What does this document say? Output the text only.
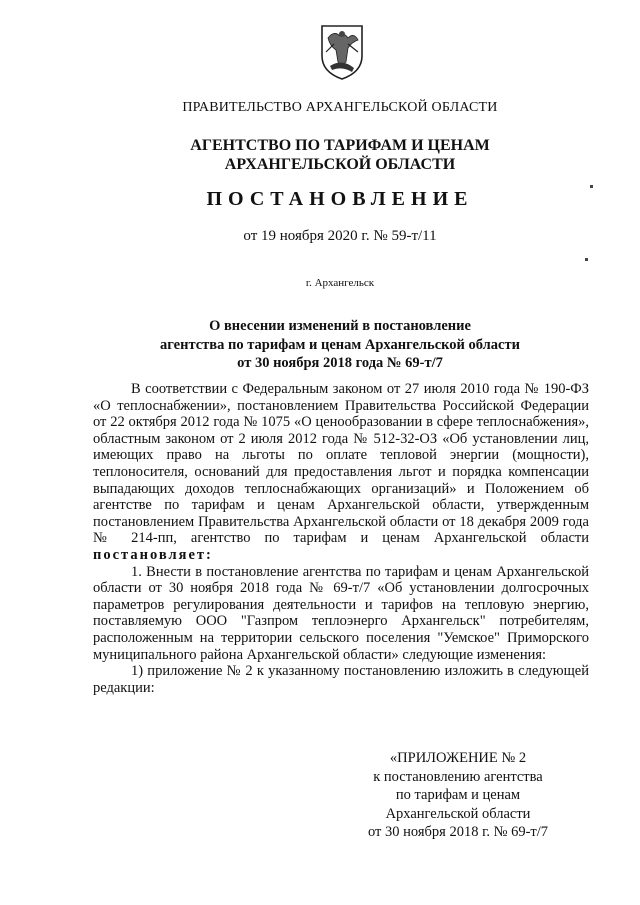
ПРАВИТЕЛЬСТВО АРХАНГЕЛЬСКОЙ ОБЛАСТИ
АГЕНТСТВО ПО ТАРИФАМ И ЦЕНАМ
АРХАНГЕЛЬСКОЙ ОБЛАСТИ
ПОСТАНОВЛЕНИЕ
от 19 ноября 2020 г. № 59-т/11
г. Архангельск
О внесении изменений в постановление
агентства по тарифам и ценам Архангельской области
от 30 ноября 2018 года № 69-т/7

В соответствии с Федеральным законом от 27 июля 2010 года № 190-ФЗ «О теплоснабжении», постановлением Правительства Российской Федерации от 22 октября 2012 года № 1075 «О ценообразовании в сфере теплоснабжения», областным законом от 2 июля 2012 года № 512-32-ОЗ «Об установлении лиц, имеющих право на льготы по оплате тепловой энергии (мощности), теплоносителя, оснований для предоставления льгот и порядка компенсации выпадающих доходов теплоснабжающих организаций» и Положением об агентстве по тарифам и ценам Архангельской области, утвержденным постановлением Правительства Архангельской области от 18 декабря 2009 года № 214-пп, агентство по тарифам и ценам Архангельской области постановляет:

1. Внести в постановление агентства по тарифам и ценам Архангельской области от 30 ноября 2018 года № 69-т/7 «Об установлении долгосрочных параметров регулирования деятельности и тарифов на тепловую энергию, поставляемую ООО "Газпром теплоэнерго Архангельск" потребителям, расположенным на территории сельского поселения "Уемское" Приморского муниципального района Архангельской области» следующие изменения:

1) приложение № 2 к указанному постановлению изложить в следующей редакции:

«ПРИЛОЖЕНИЕ № 2
к постановлению агентства
по тарифам и ценам
Архангельской области
от 30 ноября 2018 г. № 69-т/7
